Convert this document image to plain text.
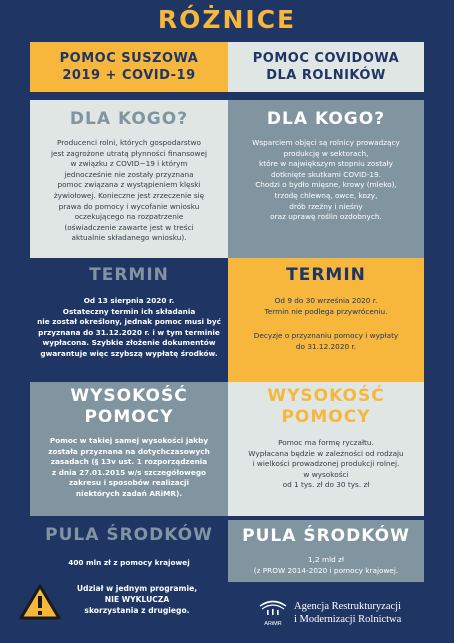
RÓŻNICE
POMOC SUSZOWA 2019 + COVID-19
POMOC COVIDOWA DLA ROLNIKÓW
DLA KOGO?
Producenci rolni, których gospodarstwo
jest zagrożone utratą płynności finansowej
w związku z COVID−19 i którym
jednocześnie nie zostały przyznana
pomoc związana z wystąpieniem klęski
żywiołowej. Konieczne jest zrzeczenie się
prawa do pomocy i wycofanie wniosku
oczekującego na rozpatrzenie
(oświadczenie zawarte jest w treści
aktualnie składanego wniosku).
DLA KOGO?
Wsparciem objęci są rolnicy prowadzący
produkcję w sektorach,
które w największym stopniu zostały
dotknięte skutkami COVID-19.
Chodzi o bydło mięsne, krowy (mleko),
trzodę chlewną, owce, kozy,
drób rzeźny i nieśny
oraz uprawę roślin ozdobnych.
TERMIN
Od 13 sierpnia 2020 r.
Ostateczny termin ich składania
nie został określony, jednak pomoc musi być
przyznana do 31.12.2020 r. i w tym terminie
wypłacona. Szybkie złożenie dokumentów
gwarantuje więc szybszą wypłatę środków.
TERMIN
Od 9 do 30 września 2020 r.
Termin nie podlega przywróceniu.
Decyzje o przyznaniu pomocy i wypłaty
do 31.12.2020 r.
WYSOKOŚĆ
POMOCY
Pomoc w takiej samej wysokości jakby
została przyznana na dotychczasowych
zasadach (§ 13v ust. 1 rozporządzenia
z dnia 27.01.2015 w/s szczegółowego
zakresu i sposobów realizacji
niektórych zadań ARiMR).
WYSOKOŚĆ
POMOCY
Pomoc ma formę ryczałtu.
Wypłacana będzie w zależności od rodzaju
i wielkości prowadzonej produkcji rolnej.
w wysokości
od 1 tys. zł do 30 tys. zł
PULA ŚRODKÓW
400 mln zł z pomocy krajowej
PULA ŚRODKÓW
1,2 mld zł
(z PROW 2014-2020 i pomocy krajowej.
Udział w jednym programie,
NIE WYKLUCZA
skorzystania z drugiego.
ARiMR
Agencja Restrukturyzacji
i Modernizacji Rolnictwa
